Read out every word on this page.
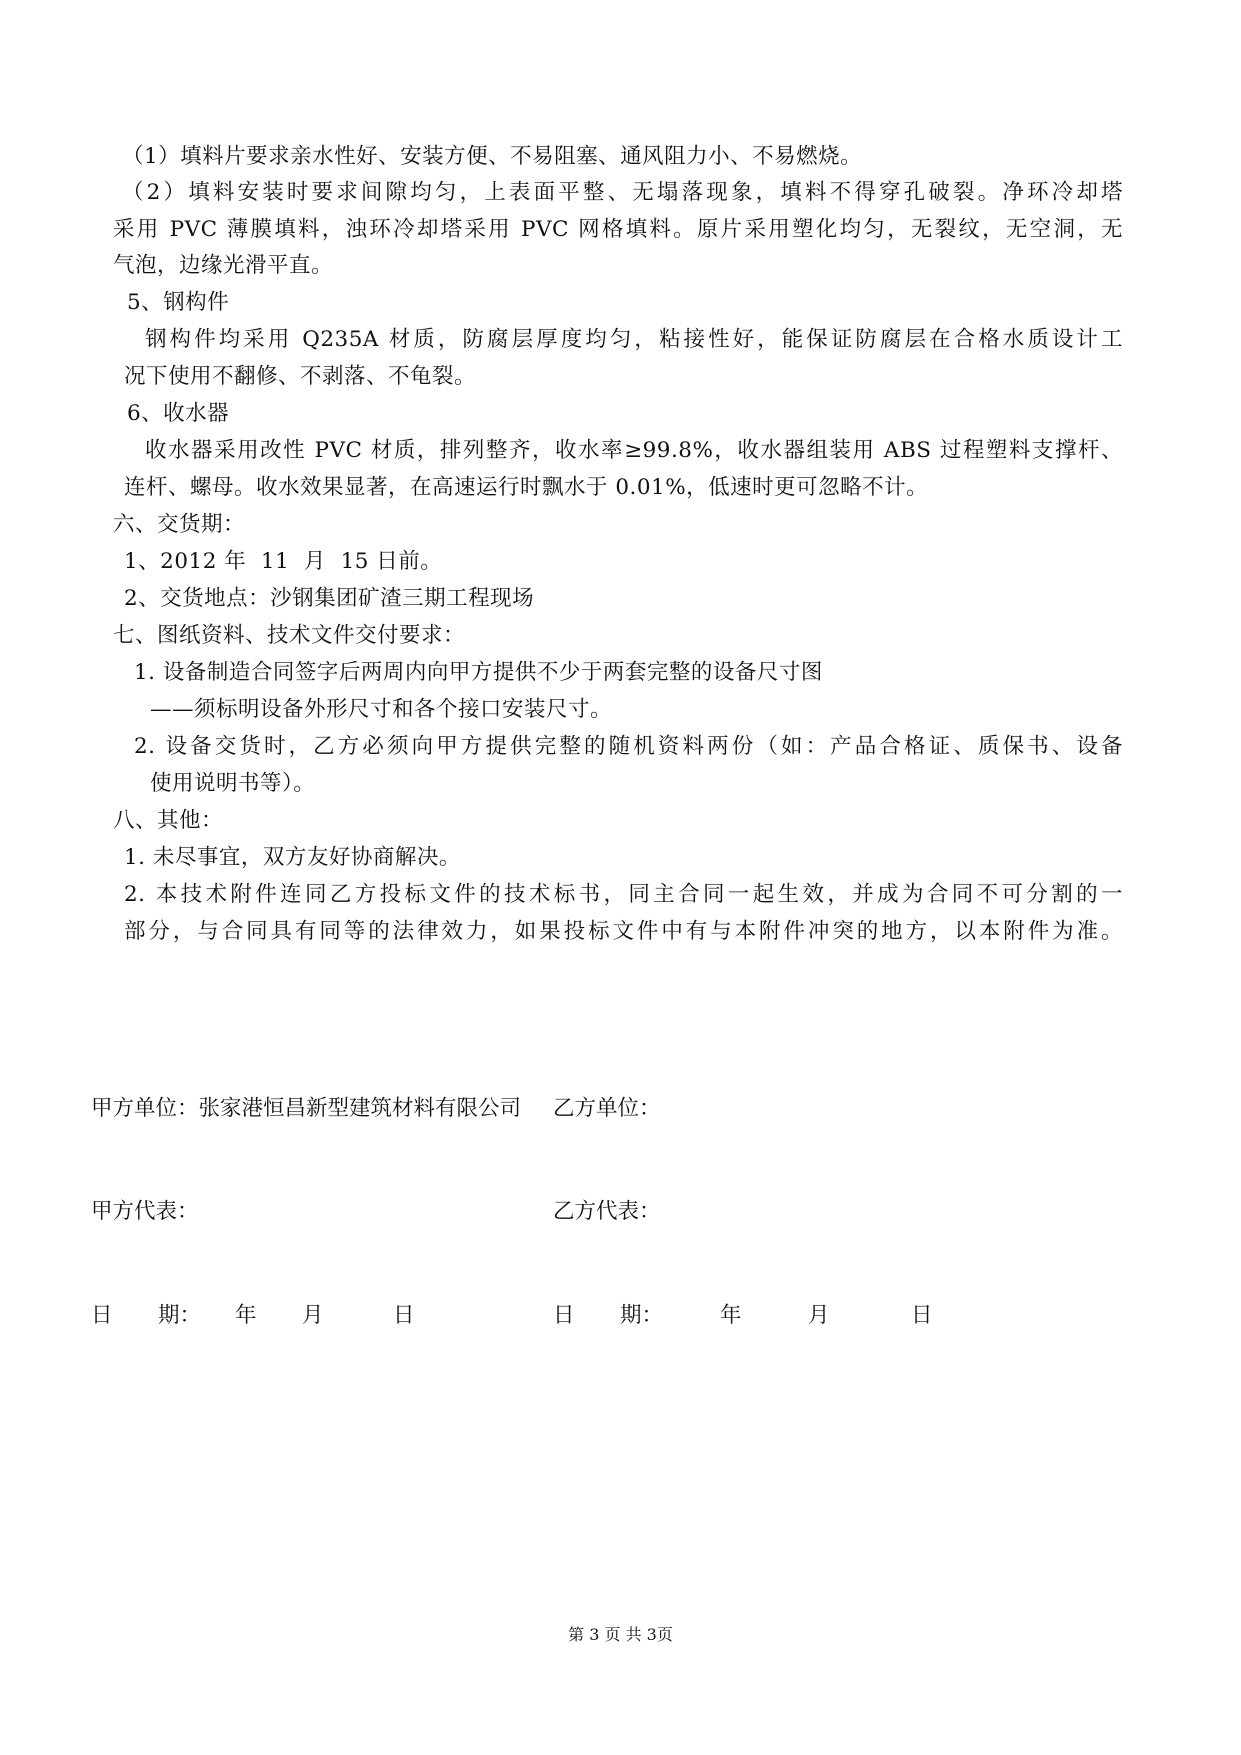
（1）填料片要求亲水性好、安装方便、不易阻塞、通风阻力小、不易燃烧。
（2）填料安装时要求间隙均匀，上表面平整、无塌落现象，填料不得穿孔破裂。净环冷却塔
采用 PVC 薄膜填料，浊环冷却塔采用 PVC 网格填料。原片采用塑化均匀，无裂纹，无空洞，无
气泡，边缘光滑平直。
5、钢构件
钢构件均采用 Q235A 材质，防腐层厚度均匀，粘接性好，能保证防腐层在合格水质设计工
况下使用不翻修、不剥落、不龟裂。
6、收水器
收水器采用改性 PVC 材质，排列整齐，收水率≥99.8%，收水器组装用 ABS 过程塑料支撑杆、
连杆、螺母。收水效果显著，在高速运行时飘水于 0.01%，低速时更可忽略不计。
六、交货期：
1、2012 年  11  月  15 日前。
2、交货地点：沙钢集团矿渣三期工程现场
七、图纸资料、技术文件交付要求：
1. 设备制造合同签字后两周内向甲方提供不少于两套完整的设备尺寸图
——须标明设备外形尺寸和各个接口安装尺寸。
2. 设备交货时，乙方必须向甲方提供完整的随机资料两份（如：产品合格证、质保书、设备
使用说明书等）。
八、其他：
1. 未尽事宜，双方友好协商解决。
2. 本技术附件连同乙方投标文件的技术标书，同主合同一起生效，并成为合同不可分割的一
部分，与合同具有同等的法律效力，如果投标文件中有与本附件冲突的地方，以本附件为准。
甲方单位：张家港恒昌新型建筑材料有限公司 乙方单位：
甲方代表：	乙方代表：
日 期： 年 月	日	日 期：	年	月	日
第 3 页 共 3页
